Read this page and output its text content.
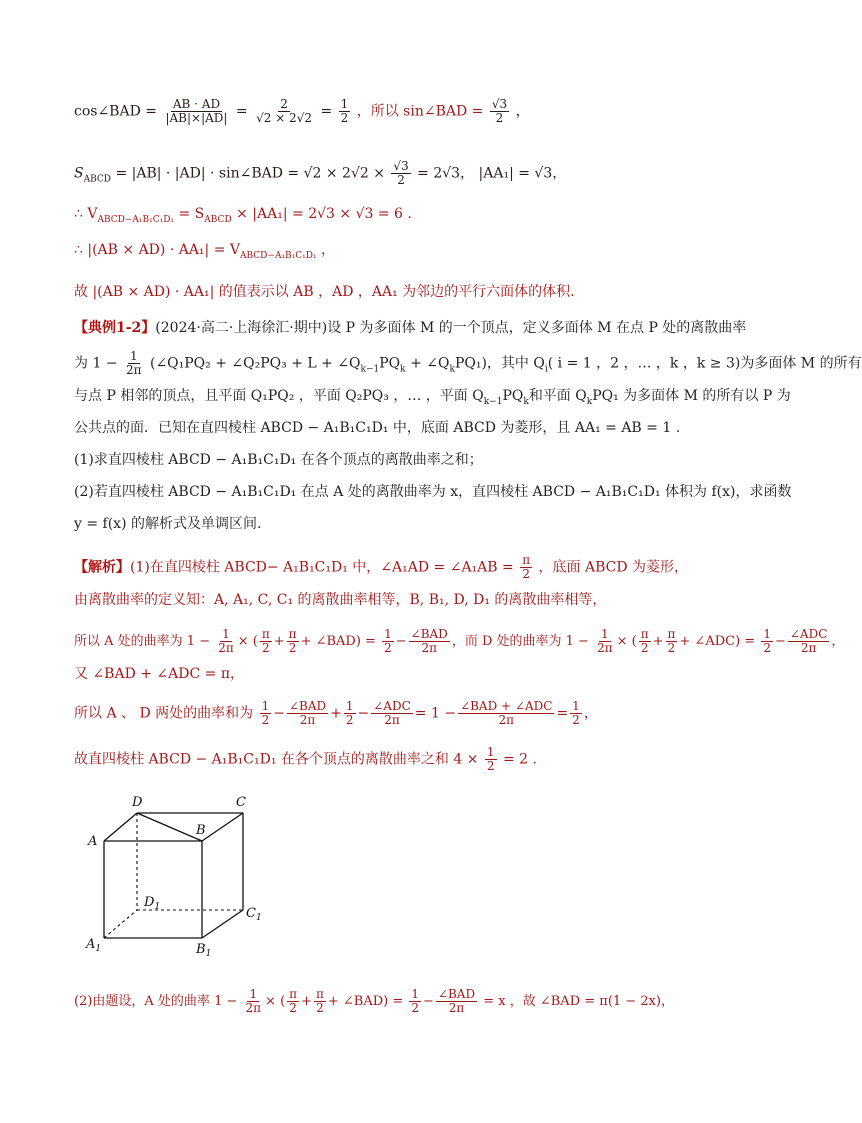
cos∠BAD = $\frac{AB \cdot AD}{|AB|\times|AD|} = \frac{2}{√2 \times 2√2} = \frac{1}{2}$ ，所以 sin∠BAD = $\frac{√3}{2}$ ，
$S_{ABCD} = |AB| \cdot |AD|$ · sin∠BAD = $√2 \times 2√2 \times \frac{√3}{2} = 2√3$， |AA₁| = √3，
∴ $V_{ABCD-A_1B_1C_1D_1} = S_{ABCD} \times |AA_1| = 2√3 \times √3 = 6$ .
∴ $|(AB \times AD) \cdot AA_1| = V_{ABCD-A_1B_1C_1D_1}$ ，
故 |(AB × AD) · AA₁| 的值表示以 AB ，AD ，AA₁ 为邻边的平行六面体的体积.
【典例1-2】(2024·高二·上海徐汇·期中)设 P 为多面体 M 的一个顶点，定义多面体 M 在点 P 处的离散曲率
为 $1 - \frac{1}{2\pi}$ (∠Q₁PQ₂ + ∠Q₂PQ₃ + $L + \angle Q_{k-1}PQ_k$ + $\angle Q_kPQ_1$)，其中 $Q_i$( i = 1 ，2 ，… ，k ，k ≥ 3)为多面体 M 的所有
与点 P 相邻的顶点，且平面 Q₁PQ₂ ，平面 Q₂PQ₃ ，… ，平面 $Q_{k-1}PQ_k$和平面 $Q_kPQ_1$ 为多面体 M 的所有以 P 为
公共点的面．已知在直四棱柱 ABCD − A₁B₁C₁D₁ 中，底面 ABCD 为菱形，且 AA₁ = AB = 1 .
(1)求直四棱柱 ABCD − A₁B₁C₁D₁ 在各个顶点的离散曲率之和；
(2)若直四棱柱 ABCD − A₁B₁C₁D₁ 在点 A 处的离散曲率为 x，直四棱柱 ABCD − A₁B₁C₁D₁ 体积为 f(x)，求函数
y = f(x) 的解析式及单调区间.
【解析】(1)在直四棱柱 ABCD− A₁B₁C₁D₁ 中，∠A₁AD = ∠A₁AB = $\frac{\pi}{2}$ ，底面 ABCD 为菱形，
由离散曲率的定义知：A, A₁, C, C₁ 的离散曲率相等，B, B₁, D, D₁ 的离散曲率相等，
所以 A 处的曲率为 $1 - \frac{1}{2\pi}$ × ( $\frac{\pi}{2} + \frac{\pi}{2}$ + ∠BAD) = $\frac{1}{2} - \frac{\text{∠BAD}}{2\pi}$ ，而 D 处的曲率为 $1 - \frac{1}{2\pi}$ × ( $\frac{\pi}{2} + \frac{\pi}{2}$ + ∠ADC) = $\frac{1}{2} - \frac{\text{∠ADC}}{2\pi}$ ，
又 ∠BAD + ∠ADC = π，
所以 A 、 D 两处的曲率和为 $\frac{1}{2} - \frac{\text{∠BAD}}{2\pi} + \frac{1}{2} - \frac{\text{∠ADC}}{2\pi} = 1 - \frac{\text{∠BAD + ∠ADC}}{2\pi} = \frac{1}{2}$ ，
故直四棱柱 ABCD − A₁B₁C₁D₁ 在各个顶点的离散曲率之和 $4 \times \frac{1}{2} = 2$ .
D	C
A
B
$D_1$	$C_1$
$A_1$	$B_1$
(2)由题设，A 处的曲率 $1 - \frac{1}{2\pi}$ × ( $\frac{\pi}{2} + \frac{\pi}{2}$ + ∠BAD) = $\frac{1}{2} - \frac{\text{∠BAD}}{2\pi} = x$ ，故 ∠BAD = π(1 − 2x)，
